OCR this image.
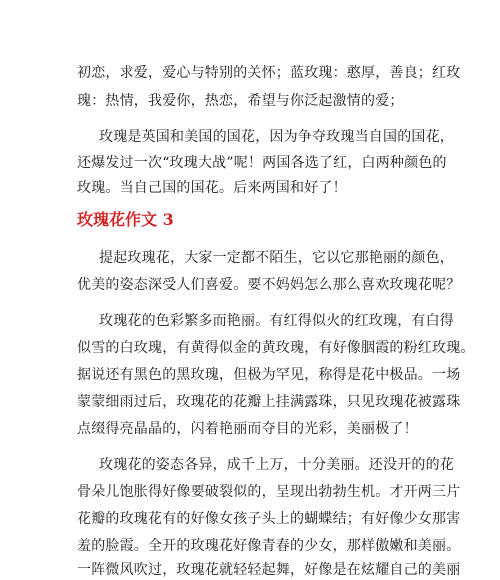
初恋，求爱，爱心与特别的关怀；蓝玫瑰：憨厚，善良；红玫
瑰：热情，我爱你，热恋，希望与你泛起激情的爱；
玫瑰是英国和美国的国花，因为争夺玫瑰当自国的国花，
还爆发过一次“玫瑰大战”呢！两国各选了红，白两种颜色的
玫瑰。当自己国的国花。后来两国和好了！
玫瑰花作文 3
提起玫瑰花，大家一定都不陌生，它以它那艳丽的颜色，
优美的姿态深受人们喜爱。要不妈妈怎么那么喜欢玫瑰花呢？
玫瑰花的色彩繁多而艳丽。有红得似火的红玫瑰，有白得
似雪的白玫瑰，有黄得似金的黄玫瑰，有好像胭霞的粉红玫瑰。
据说还有黑色的黑玫瑰，但极为罕见，称得是花中极品。一场
蒙蒙细雨过后，玫瑰花的花瓣上挂满露珠，只见玫瑰花被露珠
点缀得亮晶晶的，闪着艳丽而夺目的光彩，美丽极了！
玫瑰花的姿态各异，成千上万，十分美丽。还没开的的花
骨朵儿饱胀得好像要破裂似的，呈现出勃勃生机。才开两三片
花瓣的玫瑰花有的好像女孩子头上的蝴蝶结；有好像少女那害
羞的脸霞。全开的玫瑰花好像青春的少女，那样傲嫩和美丽。
一阵微风吹过，玫瑰花就轻轻起舞，好像是在炫耀自己的美丽
